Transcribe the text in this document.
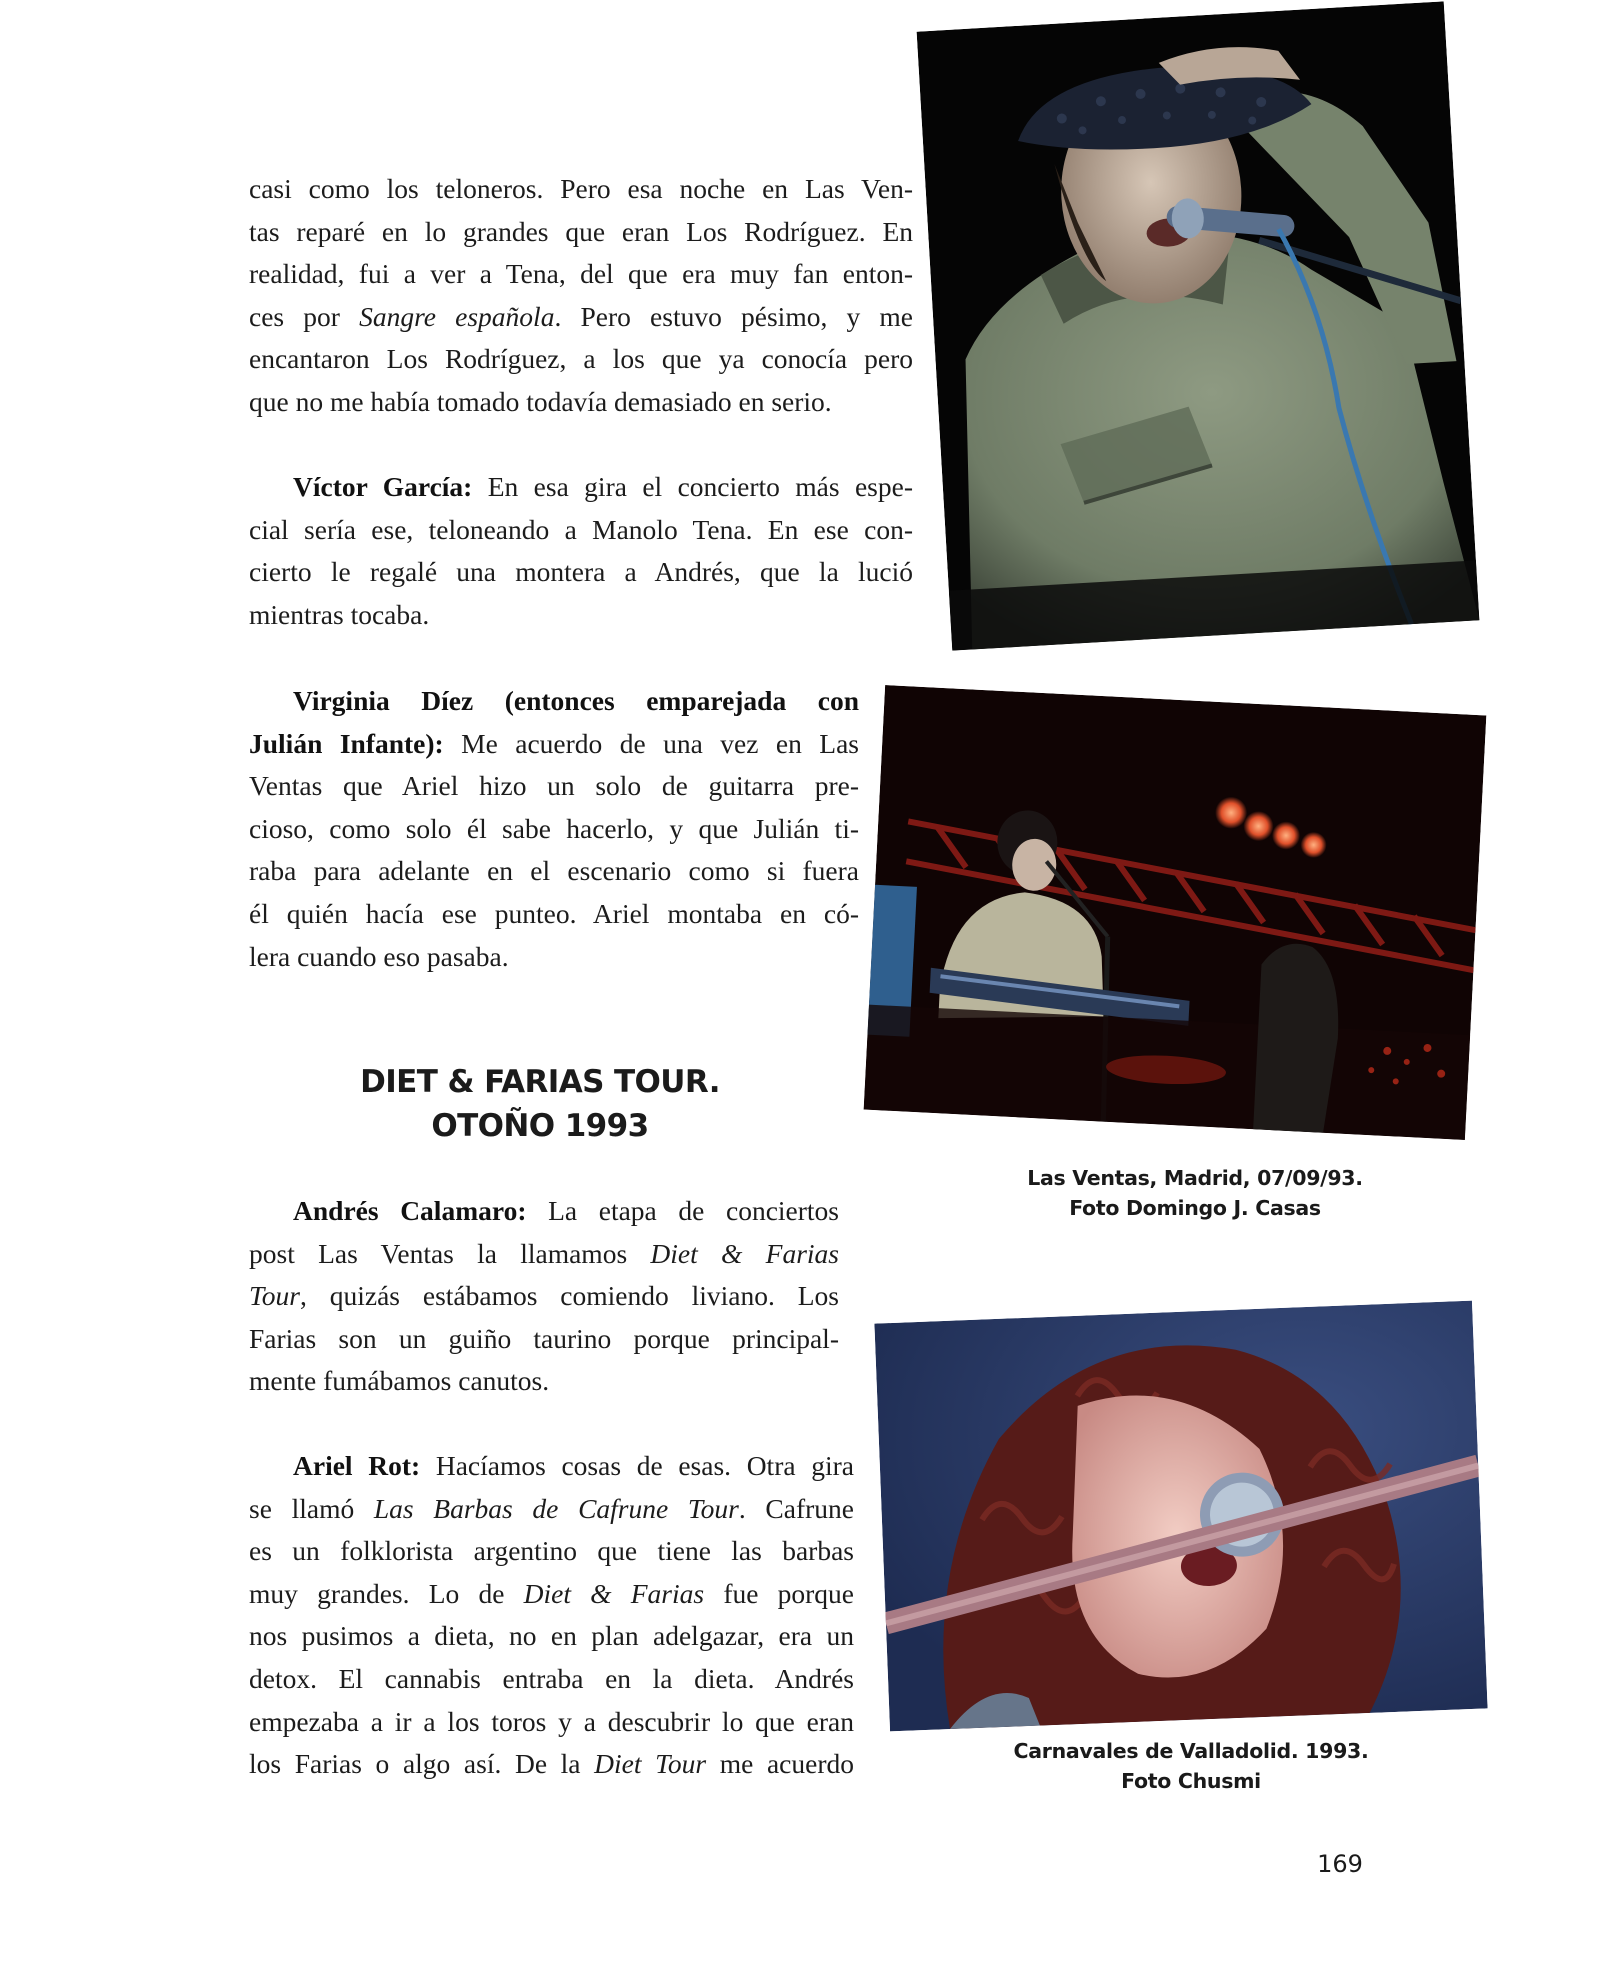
casi como los teloneros. Pero esa noche en Las Ven-
tas reparé en lo grandes que eran Los Rodríguez. En
realidad, fui a ver a Tena, del que era muy fan enton-
ces por Sangre española. Pero estuvo pésimo, y me
encantaron Los Rodríguez, a los que ya conocía pero
que no me había tomado todavía demasiado en serio.
Víctor García: En esa gira el concierto más espe-
cial sería ese, teloneando a Manolo Tena. En ese con-
cierto le regalé una montera a Andrés, que la lució
mientras tocaba.
Virginia Díez (entonces emparejada con
Julián Infante): Me acuerdo de una vez en Las
Ventas que Ariel hizo un solo de guitarra pre-
cioso, como solo él sabe hacerlo, y que Julián ti-
raba para adelante en el escenario como si fuera
él quién hacía ese punteo. Ariel montaba en có-
lera cuando eso pasaba.
DIET & FARIAS TOUR.
OTOÑO 1993
Andrés Calamaro: La etapa de conciertos
post Las Ventas la llamamos Diet & Farias
Tour, quizás estábamos comiendo liviano. Los
Farias son un guiño taurino porque principal-
mente fumábamos canutos.
Ariel Rot: Hacíamos cosas de esas. Otra gira
se llamó Las Barbas de Cafrune Tour. Cafrune
es un folklorista argentino que tiene las barbas
muy grandes. Lo de Diet & Farias fue porque
nos pusimos a dieta, no en plan adelgazar, era un
detox. El cannabis entraba en la dieta. Andrés
empezaba a ir a los toros y a descubrir lo que eran
los Farias o algo así. De la Diet Tour me acuerdo
Las Ventas, Madrid, 07/09/93.
Foto Domingo J. Casas
Carnavales de Valladolid. 1993.
Foto Chusmi
169
